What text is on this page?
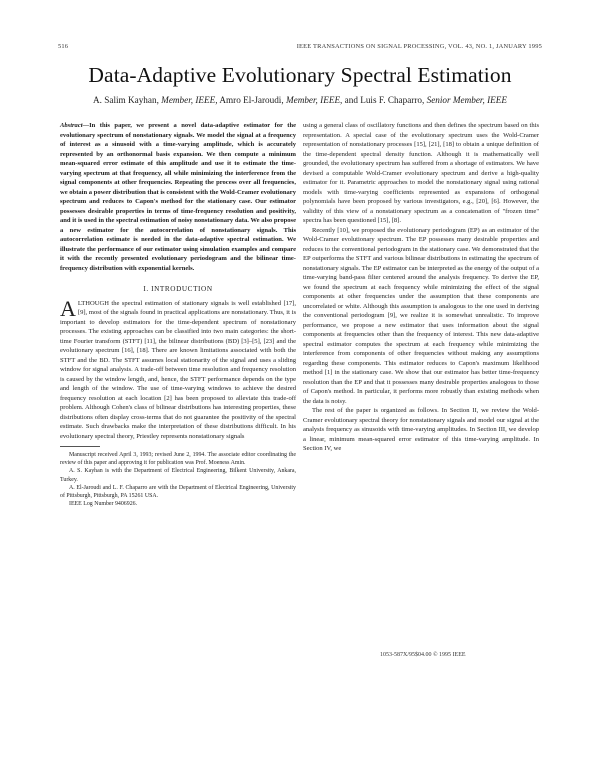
516	IEEE TRANSACTIONS ON SIGNAL PROCESSING, VOL. 43, NO. 1, JANUARY 1995
Data-Adaptive Evolutionary Spectral Estimation
A. Salim Kayhan, Member, IEEE, Amro El-Jaroudi, Member, IEEE, and Luis F. Chaparro, Senior Member, IEEE
Abstract—In this paper, we present a novel data-adaptive estimator for the evolutionary spectrum of nonstationary signals. We model the signal at a frequency of interest as a sinusoid with a time-varying amplitude, which is accurately represented by an orthonormal basis expansion. We then compute a minimum mean-squared error estimate of this amplitude and use it to estimate the time-varying spectrum at that frequency, all while minimizing the interference from the signal components at other frequencies. Repeating the process over all frequencies, we obtain a power distribution that is consistent with the Wold-Cramer evolutionary spectrum and reduces to Capon's method for the stationary case. Our estimator possesses desirable properties in terms of time-frequency resolution and positivity, and it is used in the spectral estimation of noisy nonstationary data. We also propose a new estimator for the autocorrelation of nonstationary signals. This autocorrelation estimate is needed in the data-adaptive spectral estimation. We illustrate the performance of our estimator using simulation examples and compare it with the recently presented evolutionary periodogram and the bilinear time-frequency distribution with exponential kernels.
I. INTRODUCTION
ALTHOUGH the spectral estimation of stationary signals is well established [17], [9], most of the signals found in practical applications are nonstationary. Thus, it is important to develop estimators for the time-dependent spectrum of nonstationary processes. The existing approaches can be classified into two main categories: the short-time Fourier transform (STFT) [11], the bilinear distributions (BD) [3]–[5], [23] and the evolutionary spectrum [16], [18]. There are known limitations associated with both the STFT and the BD. The STFT assumes local stationarity of the signal and uses a sliding window for signal analysis. A trade-off between time resolution and frequency resolution is caused by the window length, and, hence, the STFT performance depends on the type and length of the window. The use of time-varying windows to achieve the desired frequency resolution at each location [2] has been proposed to alleviate this trade-off problem. Although Cohen's class of bilinear distributions has interesting properties, these distributions often display cross-terms that do not guarantee the positivity of the spectral estimate. Such drawbacks make the interpretation of these distributions difficult. In his evolutionary spectral theory, Priestley represents nonstationary signals

Manuscript received April 3, 1993; revised June 2, 1994. The associate editor coordinating the review of this paper and approving it for publication was Prof. Moeness Amin.

A. S. Kayhan is with the Department of Electrical Engineering, Bilkent University, Ankara, Turkey.

A. El-Jaroudi and L. F. Chaparro are with the Department of Electrical Engineering, University of Pittsburgh, Pittsburgh, PA 15261 USA.

IEEE Log Number 9406926.

using a general class of oscillatory functions and then defines the spectrum based on this representation. A special case of the evolutionary spectrum uses the Wold-Cramer representation of nonstationary processes [15], [21], [18] to obtain a unique definition of the time-dependent spectral density function. Although it is mathematically well grounded, the evolutionary spectrum has suffered from a shortage of estimators. We have devised a computable Wold-Cramer evolutionary spectrum and derive a high-quality estimator for it. Parametric approaches to model the nonstationary signal using rational models with time-varying coefficients represented as expansions of orthogonal polynomials have been proposed by various investigators, e.g., [20], [6]. However, the validity of this view of a nonstationary spectrum as a concatenation of "frozen time" spectra has been questioned [15], [8].

Recently [10], we proposed the evolutionary periodogram (EP) as an estimator of the Wold-Cramer evolutionary spectrum. The EP possesses many desirable properties and reduces to the conventional periodogram in the stationary case. We demonstrated that the EP outperforms the STFT and various bilinear distributions in estimating the spectrum of nonstationary signals. The EP estimator can be interpreted as the energy of the output of a time-varying band-pass filter centered around the analysis frequency. To derive the EP, we found the spectrum at each frequency while minimizing the effect of the signal components at other frequencies under the assumption that these components are uncorrelated or white. Although this assumption is analogous to the one used in deriving the conventional periodogram [9], we realize it is somewhat unrealistic. To improve performance, we propose a new estimator that uses information about the signal components at frequencies other than the frequency of interest. This new data-adaptive spectral estimator computes the spectrum at each frequency while minimizing the interference from components of other frequencies without making any assumptions regarding these components. This estimator reduces to Capon's maximum likelihood method [1] in the stationary case. We show that our estimator has better time-frequency resolution than the EP and that it possesses many desirable properties analogous to those of Capon's method. In particular, it performs more robustly than existing methods when the data is noisy.

The rest of the paper is organized as follows. In Section II, we review the Wold-Cramer evolutionary spectral theory for nonstationary signals and model our signal at the analysis frequency as sinusoids with time-varying amplitudes. In Section III, we develop a linear, minimum mean-squared error estimator of this time-varying amplitude. In Section IV, we

1053-587X/95$04.00 © 1995 IEEE
